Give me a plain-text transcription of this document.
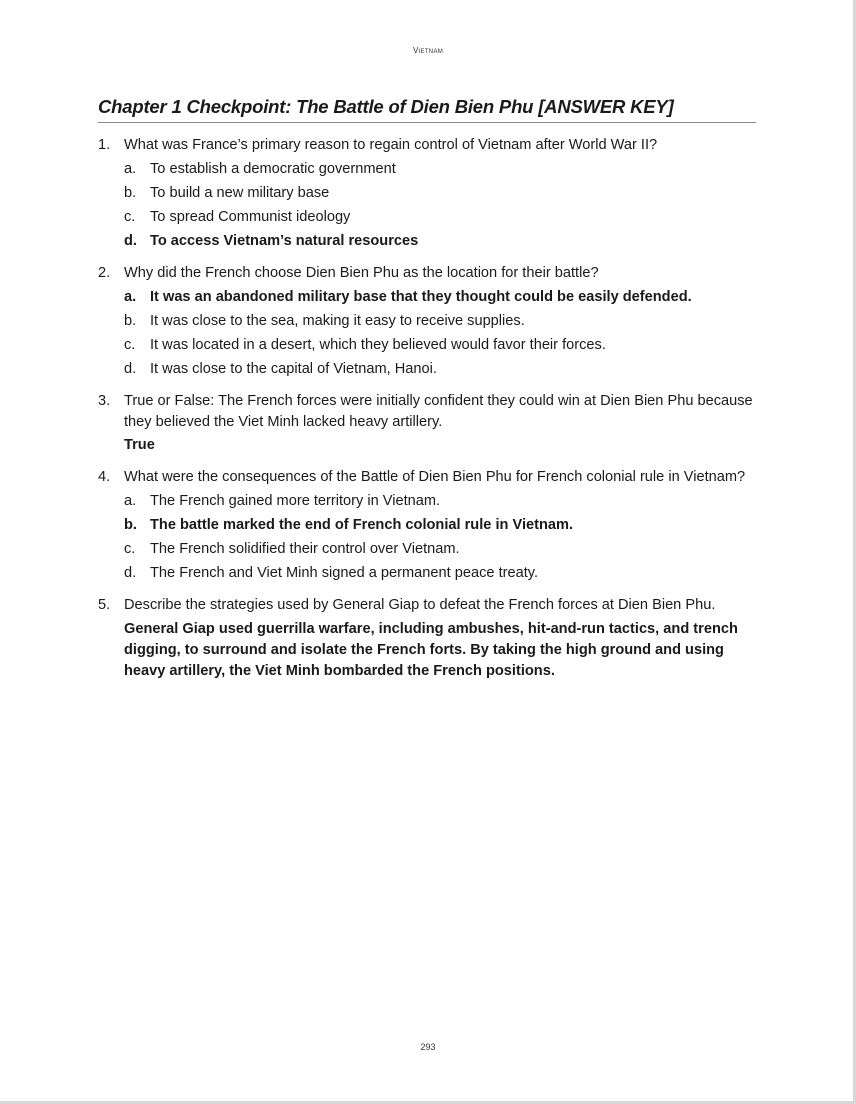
Vietnam
Chapter 1 Checkpoint: The Battle of Dien Bien Phu [ANSWER KEY]
1. What was France’s primary reason to regain control of Vietnam after World War II?
a. To establish a democratic government
b. To build a new military base
c. To spread Communist ideology
d. To access Vietnam’s natural resources
2. Why did the French choose Dien Bien Phu as the location for their battle?
a. It was an abandoned military base that they thought could be easily defended.
b. It was close to the sea, making it easy to receive supplies.
c. It was located in a desert, which they believed would favor their forces.
d. It was close to the capital of Vietnam, Hanoi.
3. True or False: The French forces were initially confident they could win at Dien Bien Phu because they believed the Viet Minh lacked heavy artillery.
True
4. What were the consequences of the Battle of Dien Bien Phu for French colonial rule in Vietnam?
a. The French gained more territory in Vietnam.
b. The battle marked the end of French colonial rule in Vietnam.
c. The French solidified their control over Vietnam.
d. The French and Viet Minh signed a permanent peace treaty.
5. Describe the strategies used by General Giap to defeat the French forces at Dien Bien Phu.
General Giap used guerrilla warfare, including ambushes, hit-and-run tactics, and trench digging, to surround and isolate the French forts. By taking the high ground and using heavy artillery, the Viet Minh bombarded the French positions.
293
